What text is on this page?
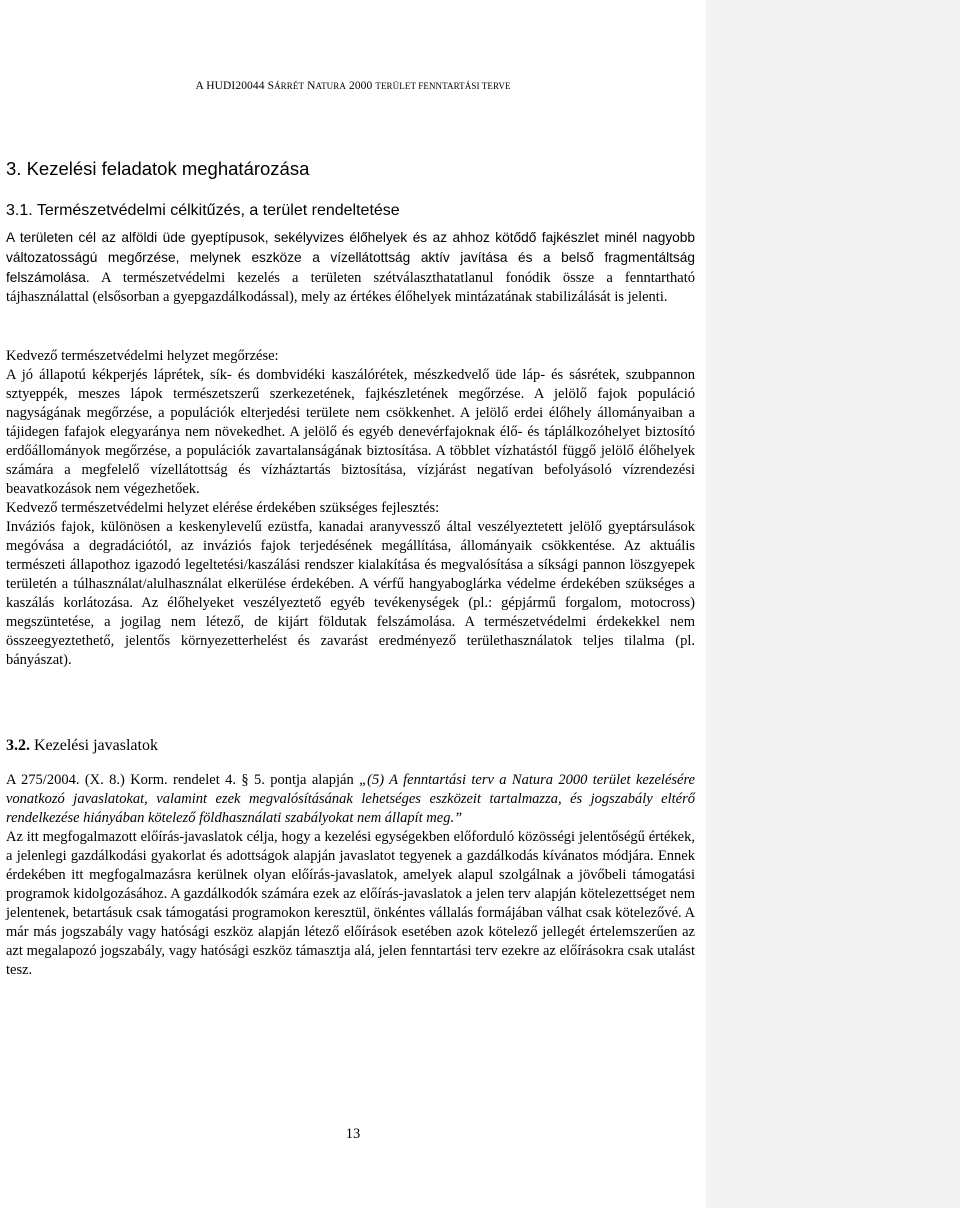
A HUDI20044 SÁRRÉT NATURA 2000 TERÜLET FENNTARTÁSI TERVE
3. Kezelési feladatok meghatározása
3.1. Természetvédelmi célkitűzés, a terület rendeltetése

A területen cél az alföldi üde gyeptípusok, sekélyvizes élőhelyek és az ahhoz kötődő fajkészlet minél nagyobb változatosságú megőrzése, melynek eszköze a vízellátottság aktív javítása és a belső fragmentáltság felszámolása. A természetvédelmi kezelés a területen szétválaszthatatlanul fonódik össze a fenntartható tájhasználattal (elsősorban a gyepgazdálkodással), mely az értékes élőhelyek mintázatának stabilizálását is jelenti.

Kedvező természetvédelmi helyzet megőrzése:

A jó állapotú kékperjés láprétek, sík- és dombvidéki kaszálórétek, mészkedvelő üde láp- és sásrétek, szubpannon sztyeppék, meszes lápok természetszerű szerkezetének, fajkészletének megőrzése. A jelölő fajok populáció nagyságának megőrzése, a populációk elterjedési területe nem csökkenhet. A jelölő erdei élőhely állományaiban a tájidegen fafajok elegyaránya nem növekedhet. A jelölő és egyéb denevérfajoknak élő- és táplálkozóhelyet biztosító erdőállományok megőrzése, a populációk zavartalanságának biztosítása. A többlet vízhatástól függő jelölő élőhelyek számára a megfelelő vízellátottság és vízháztartás biztosítása, vízjárást negatívan befolyásoló vízrendezési beavatkozások nem végezhetőek.

Kedvező természetvédelmi helyzet elérése érdekében szükséges fejlesztés:

Inváziós fajok, különösen a keskenylevelű ezüstfa, kanadai aranyvessző által veszélyeztetett jelölő gyeptársulások megóvása a degradációtól, az inváziós fajok terjedésének megállítása, állományaik csökkentése. Az aktuális természeti állapothoz igazodó legeltetési/kaszálási rendszer kialakítása és megvalósítása a síksági pannon löszgyepek területén a túlhasználat/alulhasználat elkerülése érdekében. A vérfű hangyaboglárka védelme érdekében szükséges a kaszálás korlátozása. Az élőhelyeket veszélyeztető egyéb tevékenységek (pl.: gépjármű forgalom, motocross) megszüntetése, a jogilag nem létező, de kijárt földutak felszámolása. A természetvédelmi érdekekkel nem összeegyeztethető, jelentős környezetterhelést és zavarást eredményező területhasználatok teljes tilalma (pl. bányászat).

3.2. Kezelési javaslatok

A 275/2004. (X. 8.) Korm. rendelet 4. § 5. pontja alapján „(5) A fenntartási terv a Natura 2000 terület kezelésére vonatkozó javaslatokat, valamint ezek megvalósításának lehetséges eszközeit tartalmazza, és jogszabály eltérő rendelkezése hiányában kötelező földhasználati szabályokat nem állapít meg.”

Az itt megfogalmazott előírás-javaslatok célja, hogy a kezelési egységekben előforduló közösségi jelentőségű értékek, a jelenlegi gazdálkodási gyakorlat és adottságok alapján javaslatot tegyenek a gazdálkodás kívánatos módjára. Ennek érdekében itt megfogalmazásra kerülnek olyan előírás-javaslatok, amelyek alapul szolgálnak a jövőbeli támogatási programok kidolgozásához. A gazdálkodók számára ezek az előírás-javaslatok a jelen terv alapján kötelezettséget nem jelentenek, betartásuk csak támogatási programokon keresztül, önkéntes vállalás formájában válhat csak kötelezővé. A már más jogszabály vagy hatósági eszköz alapján létező előírások esetében azok kötelező jellegét értelemszerűen az azt megalapozó jogszabály, vagy hatósági eszköz támasztja alá, jelen fenntartási terv ezekre az előírásokra csak utalást tesz.

13
